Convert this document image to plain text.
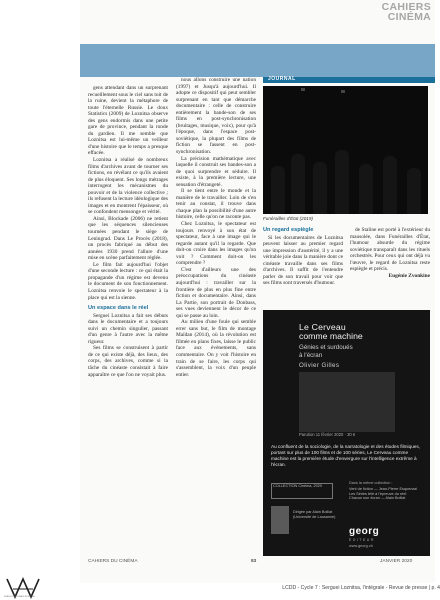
CAHIERS
CINÉMA
JOURNAL

gens attendant dans un surprenant recueillement sous le ciel sans toit de la ruine, devient la métaphore de toute l'éternelle Russie. Le doux Statistics (2009) de Loznitsa observe des gens endormis dans une petite gare de province, pendant la ronde du gardien. Il me semble que Loznitsa est lui-même un veilleur d'une histoire que le temps a presque effacée.

Loznitsa a réalisé de nombreux films d'archives avant de tourner ses fictions, en révélant ce qu'ils avaient de plus éloquent. Ses longs métrages interrogent les mécanismes du pouvoir et de la violence collective ; ils refusent la lecture idéologique des images et en montrent l'épaisseur, où se confondent mensonge et vérité.

Ainsi, Blockade (2006) ne retient que les séquences silencieuses tournées pendant le siège de Leningrad. Dans Le Procès (2018), un procès fabriqué au début des années 1930 prend l'allure d'une mise en scène parfaitement réglée.

Le film fait aujourd'hui l'objet d'une seconde lecture : ce qui était la propagande d'un régime est devenu le document de son fonctionnement. Loznitsa renvoie le spectateur à la place qui est la sienne.

Un espace dans le réel

Serguei Loznitsa a fait ses débuts dans le documentaire et a toujours suivi un chemin singulier, passant d'un genre à l'autre avec la même rigueur.

Ses films se construisent à partir de ce qui existe déjà, des lieux, des corps, des archives, comme si la tâche du cinéaste consistait à faire apparaître ce que l'on ne voyait plus.

nous allons construire une nation (1997) et Jusqu'à aujourd'hui. Il adopte ce dispositif qui peut sembler surprenant en tant que démarche documentaire : celle de construire entièrement la bande-son de ses films en post-synchronisation (bruitages, musique, voix), pour qu'à l'époque, dans l'espace post-soviétique, la plupart des films de fiction se fassent en post-synchronisation.

La précision mathématique avec laquelle il construit ses bandes-son a de quoi surprendre et séduire. Il existe, à la première lecture, une sensation d'étrangeté.

Il se tient entre le monde et la manière de le travailler. Loin de s'en tenir au constat, il trouve dans chaque plan la possibilité d'une autre histoire, celle qu'on ne raconte pas.

Chez Loznitsa, le spectateur est toujours renvoyé à son état de spectateur, face à une image qui le regarde autant qu'il la regarde. Que doit-on croire dans les images qu'on voit ? Comment doit-on les comprendre ?

C'est d'ailleurs une des préoccupations du cinéaste aujourd'hui : travailler sur la frontière de plus en plus fine entre fiction et documentaire. Ainsi, dans La Partie, son portrait de Donbass, ses vues deviennent le décor de ce qui se passe au loin.

Au milieu d'une foule qui semble errer sans but, le film de montage Maïdan (2014), où la révolution est filmée en plans fixes, laisse le public face aux événements, sans commentaire. On y voit l'histoire en train de se faire, les corps qui s'assemblent, la voix d'un peuple entier.

Funérailles d'État (2019)
Un regard espiègle

Si les documentaires de Loznitsa peuvent laisser au premier regard une impression d'austérité, il y a une véritable joie dans la manière dont ce cinéaste travaille dans ses films d'archives. Il suffit de l'entendre parler de son travail pour voir que ses films sont traversés d'humour.

de Staline est porté à l'extérieur du mausolée, dans Funérailles d'État, l'humour absurde du régime soviétique transparaît dans les rituels orchestrés. Pour ceux qui ont déjà vu l'œuvre, le regard de Loznitsa reste espiègle et précis.

Eugénie Zvonkine

Le Cerveau
comme machine
Génies et surdoués
à l'écran
Olivier Gilles
Parution 11 février 2020 · 30 €
Au confluent de la sociologie, de la narratologie et des études filmiques, portant sur plus de 100 films et de 100 séries, Le Cerveau comme machine est la première étude d'envergure sur l'intelligence extrême à l'écran.
COLLECTION Cinéma, 2020
Dirigée par Alain Boillat
(Université de Lausanne)
Dans la même collection :
Vent de fiction — Jean-Pierre Esquenazi
Les Séries télé à l'épreuve du réel
Chacun son écran — Alain Boillat
georg
ÉDITEUR
www.georg.ch
CAHIERS DU CINÉMA	83	JANVIER 2020
FRANCO-ROUMAIN FESTIVAL
LCDD - Cycle 7 : Serguei Loznitsa, l'intégrale - Revue de presse | p. 4
